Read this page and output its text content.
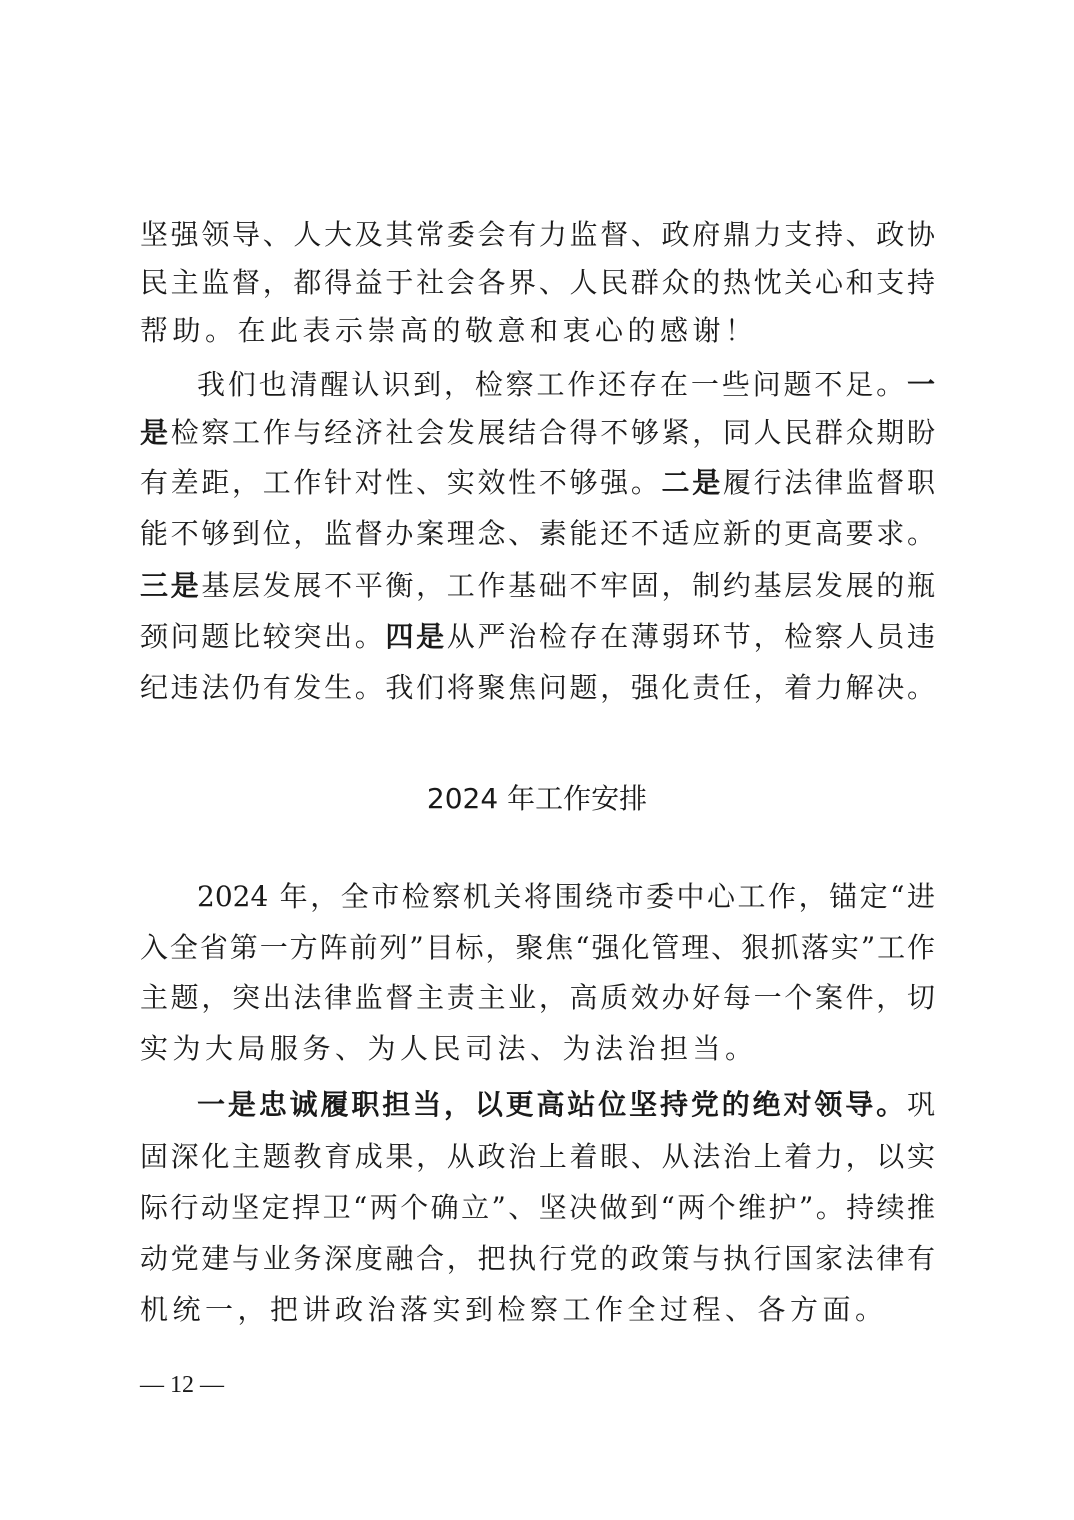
坚强领导、人大及其常委会有力监督、政府鼎力支持、政协
民主监督，都得益于社会各界、人民群众的热忱关心和支持
帮助。在此表示崇高的敬意和衷心的感谢！
我们也清醒认识到，检察工作还存在一些问题不足。一
是检察工作与经济社会发展结合得不够紧，同人民群众期盼
有差距，工作针对性、实效性不够强。二是履行法律监督职
能不够到位，监督办案理念、素能还不适应新的更高要求。
三是基层发展不平衡，工作基础不牢固，制约基层发展的瓶
颈问题比较突出。四是从严治检存在薄弱环节，检察人员违
纪违法仍有发生。我们将聚焦问题，强化责任，着力解决。
2024 年工作安排
2024 年，全市检察机关将围绕市委中心工作，锚定“进
入全省第一方阵前列”目标，聚焦“强化管理、狠抓落实”工作
主题，突出法律监督主责主业，高质效办好每一个案件，切
实为大局服务、为人民司法、为法治担当。
一是忠诚履职担当，以更高站位坚持党的绝对领导。巩
固深化主题教育成果，从政治上着眼、从法治上着力，以实
际行动坚定捍卫“两个确立”、坚决做到“两个维护”。持续推
动党建与业务深度融合，把执行党的政策与执行国家法律有
机统一，把讲政治落实到检察工作全过程、各方面。
— 12 —
